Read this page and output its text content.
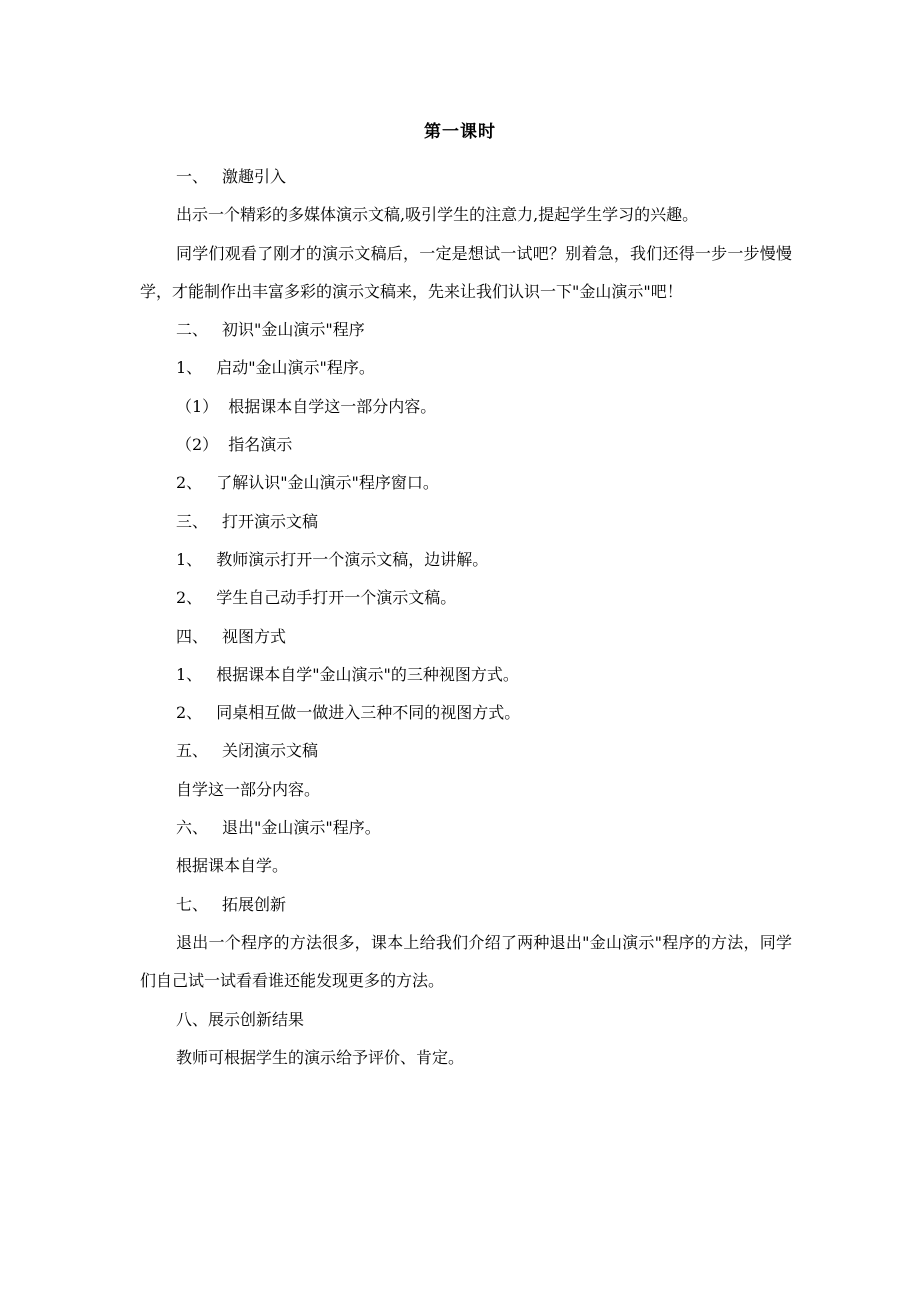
第一课时

一、 激趣引入

出示一个精彩的多媒体演示文稿,吸引学生的注意力,提起学生学习的兴趣。

同学们观看了刚才的演示文稿后，一定是想试一试吧？别着急，我们还得一步一步慢慢学，才能制作出丰富多彩的演示文稿来，先来让我们认识一下"金山演示"吧！

二、 初识"金山演示"程序

1、 启动"金山演示"程序。

（1） 根据课本自学这一部分内容。

（2） 指名演示

2、 了解认识"金山演示"程序窗口。

三、 打开演示文稿

1、 教师演示打开一个演示文稿，边讲解。

2、 学生自己动手打开一个演示文稿。

四、 视图方式

1、 根据课本自学"金山演示"的三种视图方式。

2、 同桌相互做一做进入三种不同的视图方式。

五、 关闭演示文稿

自学这一部分内容。

六、 退出"金山演示"程序。

根据课本自学。

七、 拓展创新

退出一个程序的方法很多，课本上给我们介绍了两种退出"金山演示"程序的方法，同学们自己试一试看看谁还能发现更多的方法。

八、展示创新结果

教师可根据学生的演示给予评价、肯定。
